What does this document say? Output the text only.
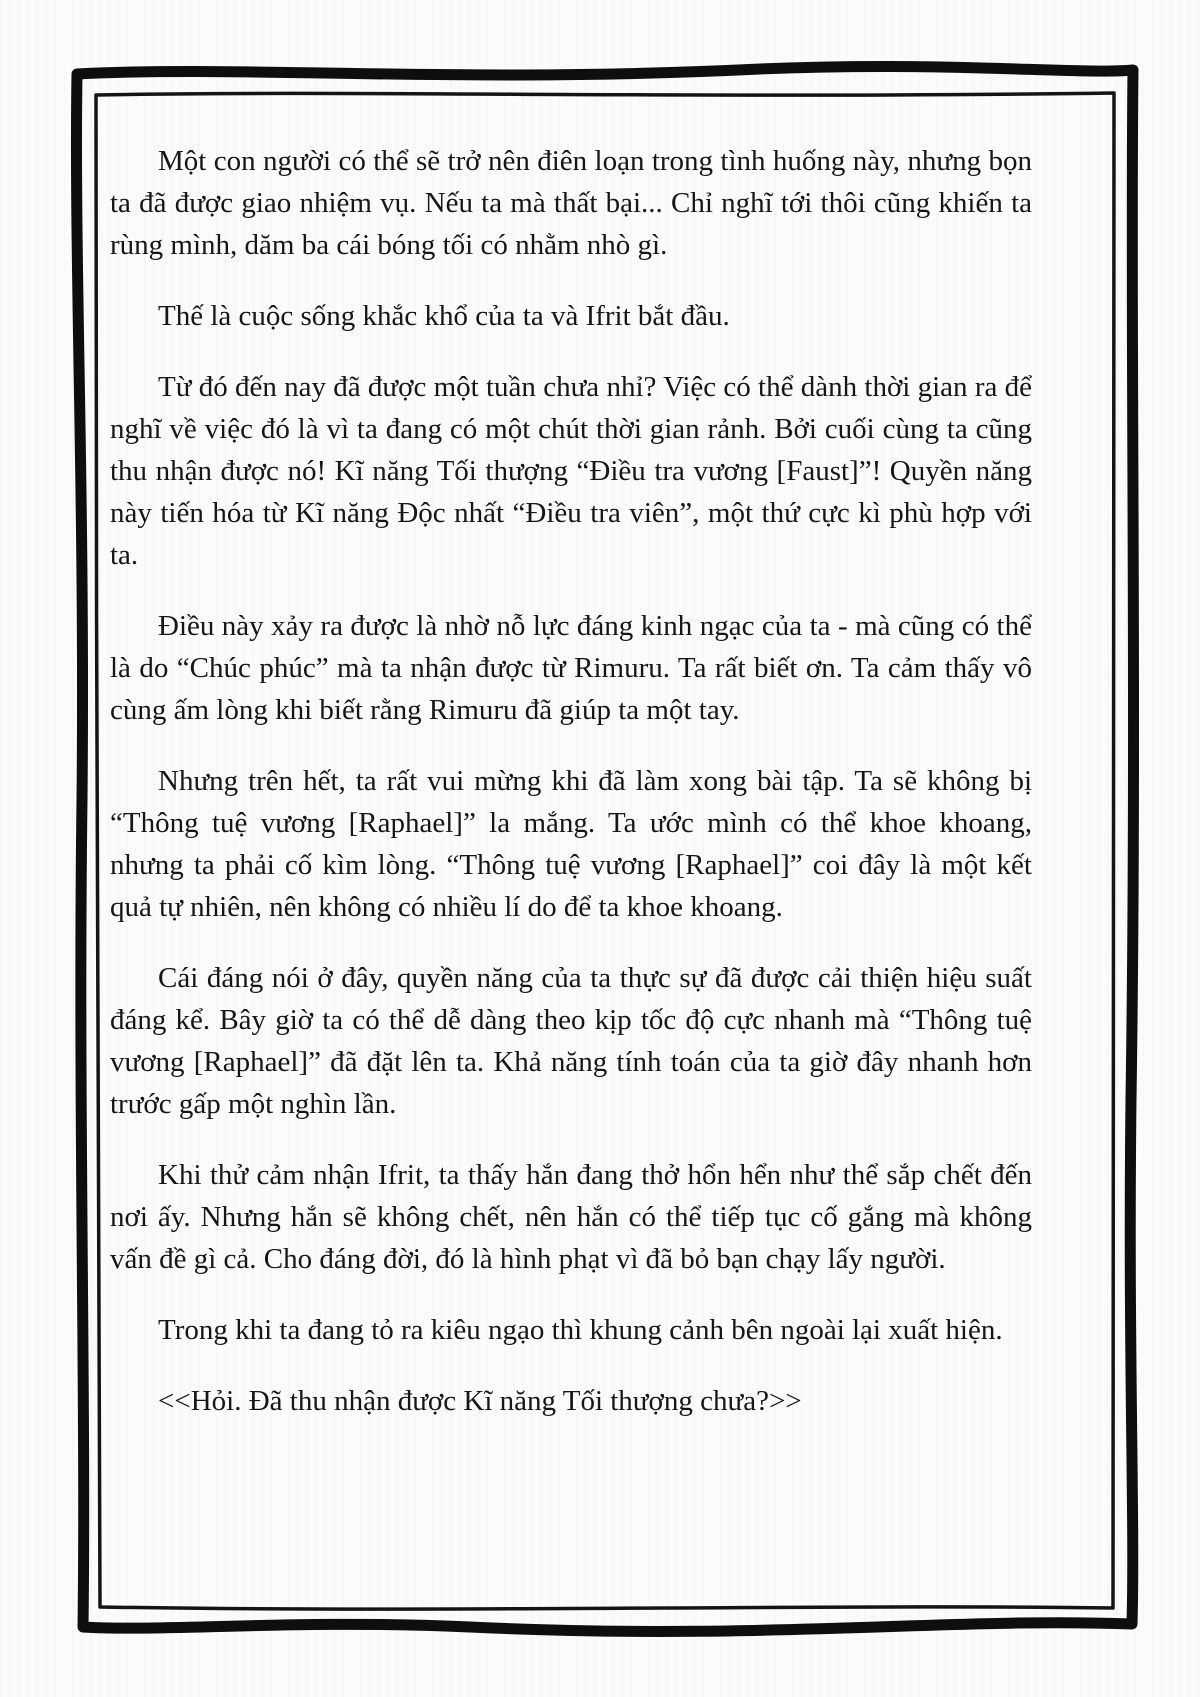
Một con người có thể sẽ trở nên điên loạn trong tình huống này, nhưng bọn ta đã được giao nhiệm vụ. Nếu ta mà thất bại... Chỉ nghĩ tới thôi cũng khiến ta rùng mình, dăm ba cái bóng tối có nhằm nhò gì.

Thế là cuộc sống khắc khổ của ta và Ifrit bắt đầu.

Từ đó đến nay đã được một tuần chưa nhỉ? Việc có thể dành thời gian ra để nghĩ về việc đó là vì ta đang có một chút thời gian rảnh. Bởi cuối cùng ta cũng thu nhận được nó! Kĩ năng Tối thượng “Điều tra vương [Faust]”! Quyền năng này tiến hóa từ Kĩ năng Độc nhất “Điều tra viên”, một thứ cực kì phù hợp với ta.

Điều này xảy ra được là nhờ nỗ lực đáng kinh ngạc của ta - mà cũng có thể là do “Chúc phúc” mà ta nhận được từ Rimuru. Ta rất biết ơn. Ta cảm thấy vô cùng ấm lòng khi biết rằng Rimuru đã giúp ta một tay.

Nhưng trên hết, ta rất vui mừng khi đã làm xong bài tập. Ta sẽ không bị “Thông tuệ vương [Raphael]” la mắng. Ta ước mình có thể khoe khoang, nhưng ta phải cố kìm lòng. “Thông tuệ vương [Raphael]” coi đây là một kết quả tự nhiên, nên không có nhiều lí do để ta khoe khoang.

Cái đáng nói ở đây, quyền năng của ta thực sự đã được cải thiện hiệu suất đáng kể. Bây giờ ta có thể dễ dàng theo kịp tốc độ cực nhanh mà “Thông tuệ vương [Raphael]” đã đặt lên ta. Khả năng tính toán của ta giờ đây nhanh hơn trước gấp một nghìn lần.

Khi thử cảm nhận Ifrit, ta thấy hắn đang thở hổn hển như thể sắp chết đến nơi ấy. Nhưng hắn sẽ không chết, nên hắn có thể tiếp tục cố gắng mà không vấn đề gì cả. Cho đáng đời, đó là hình phạt vì đã bỏ bạn chạy lấy người.

Trong khi ta đang tỏ ra kiêu ngạo thì khung cảnh bên ngoài lại xuất hiện.

<<Hỏi. Đã thu nhận được Kĩ năng Tối thượng chưa?>>
